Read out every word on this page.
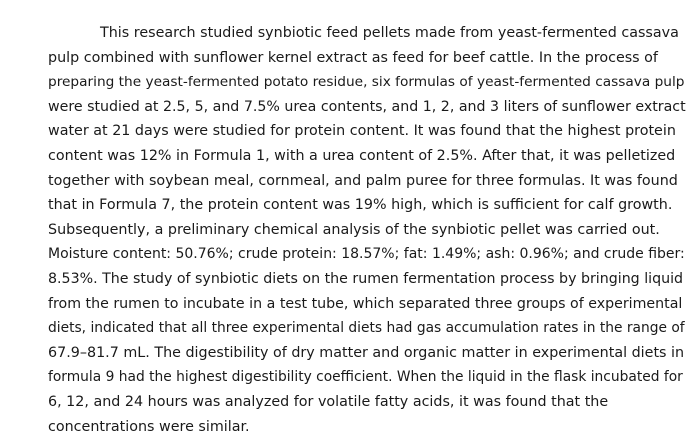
This research studied synbiotic feed pellets made from yeast-fermented cassava
pulp combined with sunflower kernel extract as feed for beef cattle. In the process of
preparing the yeast-fermented potato residue, six formulas of yeast-fermented cassava pulp
were studied at 2.5, 5, and 7.5% urea contents, and 1, 2, and 3 liters of sunflower extract
water at 21 days were studied for protein content. It was found that the highest protein
content was 12% in Formula 1, with a urea content of 2.5%. After that, it was pelletized
together with soybean meal, cornmeal, and palm puree for three formulas. It was found
that in Formula 7, the protein content was 19% high, which is sufficient for calf growth.
Subsequently, a preliminary chemical analysis of the synbiotic pellet was carried out.
Moisture content: 50.76%; crude protein: 18.57%; fat: 1.49%; ash: 0.96%; and crude fiber:
8.53%. The study of synbiotic diets on the rumen fermentation process by bringing liquid
from the rumen to incubate in a test tube, which separated three groups of experimental
diets, indicated that all three experimental diets had gas accumulation rates in the range of
67.9–81.7 mL. The digestibility of dry matter and organic matter in experimental diets in
formula 9 had the highest digestibility coefficient. When the liquid in the flask incubated for
6, 12, and 24 hours was analyzed for volatile fatty acids, it was found that the
concentrations were similar.
